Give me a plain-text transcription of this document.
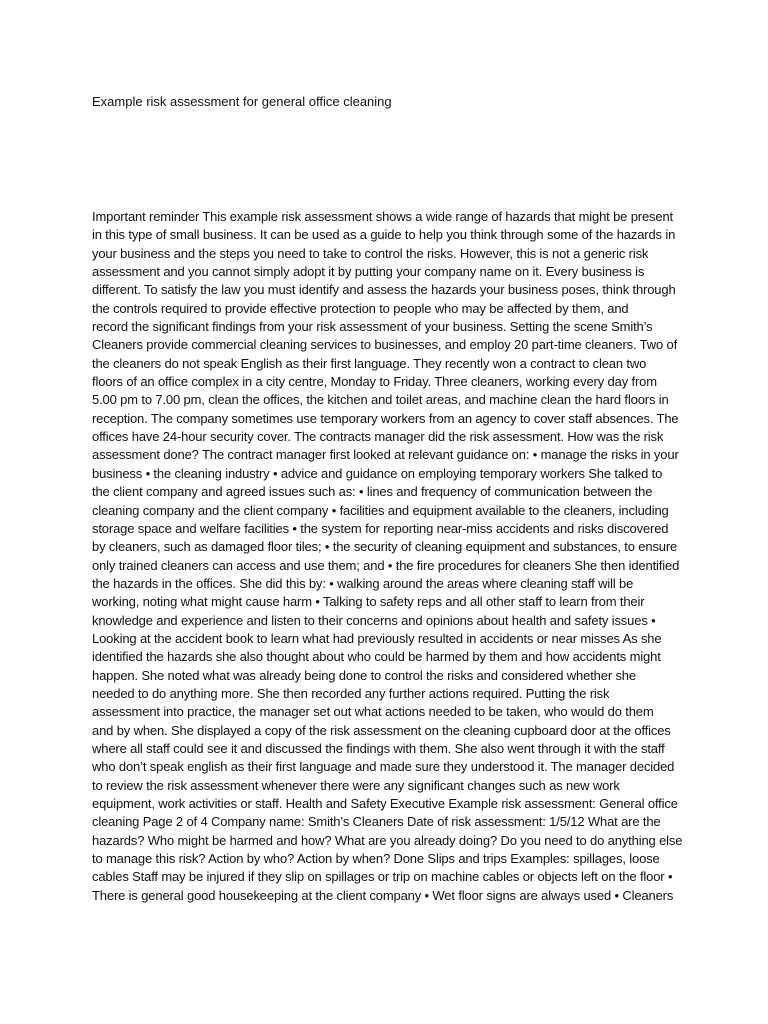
Example risk assessment for general office cleaning
Important reminder This example risk assessment shows a wide range of hazards that might be present
in this type of small business. It can be used as a guide to help you think through some of the hazards in
your business and the steps you need to take to control the risks. However, this is not a generic risk
assessment and you cannot simply adopt it by putting your company name on it. Every business is
different. To satisfy the law you must identify and assess the hazards your business poses, think through
the controls required to provide effective protection to people who may be affected by them, and
record the significant findings from your risk assessment of your business. Setting the scene Smith’s
Cleaners provide commercial cleaning services to businesses, and employ 20 part-time cleaners. Two of
the cleaners do not speak English as their first language. They recently won a contract to clean two
floors of an office complex in a city centre, Monday to Friday. Three cleaners, working every day from
5.00 pm to 7.00 pm, clean the offices, the kitchen and toilet areas, and machine clean the hard floors in
reception. The company sometimes use temporary workers from an agency to cover staff absences. The
offices have 24-hour security cover. The contracts manager did the risk assessment. How was the risk
assessment done? The contract manager first looked at relevant guidance on: • manage the risks in your
business • the cleaning industry • advice and guidance on employing temporary workers She talked to
the client company and agreed issues such as: • lines and frequency of communication between the
cleaning company and the client company • facilities and equipment available to the cleaners, including
storage space and welfare facilities • the system for reporting near-miss accidents and risks discovered
by cleaners, such as damaged floor tiles; • the security of cleaning equipment and substances, to ensure
only trained cleaners can access and use them; and • the fire procedures for cleaners She then identified
the hazards in the offices. She did this by: • walking around the areas where cleaning staff will be
working, noting what might cause harm • Talking to safety reps and all other staff to learn from their
knowledge and experience and listen to their concerns and opinions about health and safety issues •
Looking at the accident book to learn what had previously resulted in accidents or near misses As she
identified the hazards she also thought about who could be harmed by them and how accidents might
happen. She noted what was already being done to control the risks and considered whether she
needed to do anything more. She then recorded any further actions required. Putting the risk
assessment into practice, the manager set out what actions needed to be taken, who would do them
and by when. She displayed a copy of the risk assessment on the cleaning cupboard door at the offices
where all staff could see it and discussed the findings with them. She also went through it with the staff
who don’t speak english as their first language and made sure they understood it. The manager decided
to review the risk assessment whenever there were any significant changes such as new work
equipment, work activities or staff. Health and Safety Executive Example risk assessment: General office
cleaning Page 2 of 4 Company name: Smith’s Cleaners Date of risk assessment: 1/5/12 What are the
hazards? Who might be harmed and how? What are you already doing? Do you need to do anything else
to manage this risk? Action by who? Action by when? Done Slips and trips Examples: spillages, loose
cables Staff may be injured if they slip on spillages or trip on machine cables or objects left on the floor •
There is general good housekeeping at the client company • Wet floor signs are always used • Cleaners
